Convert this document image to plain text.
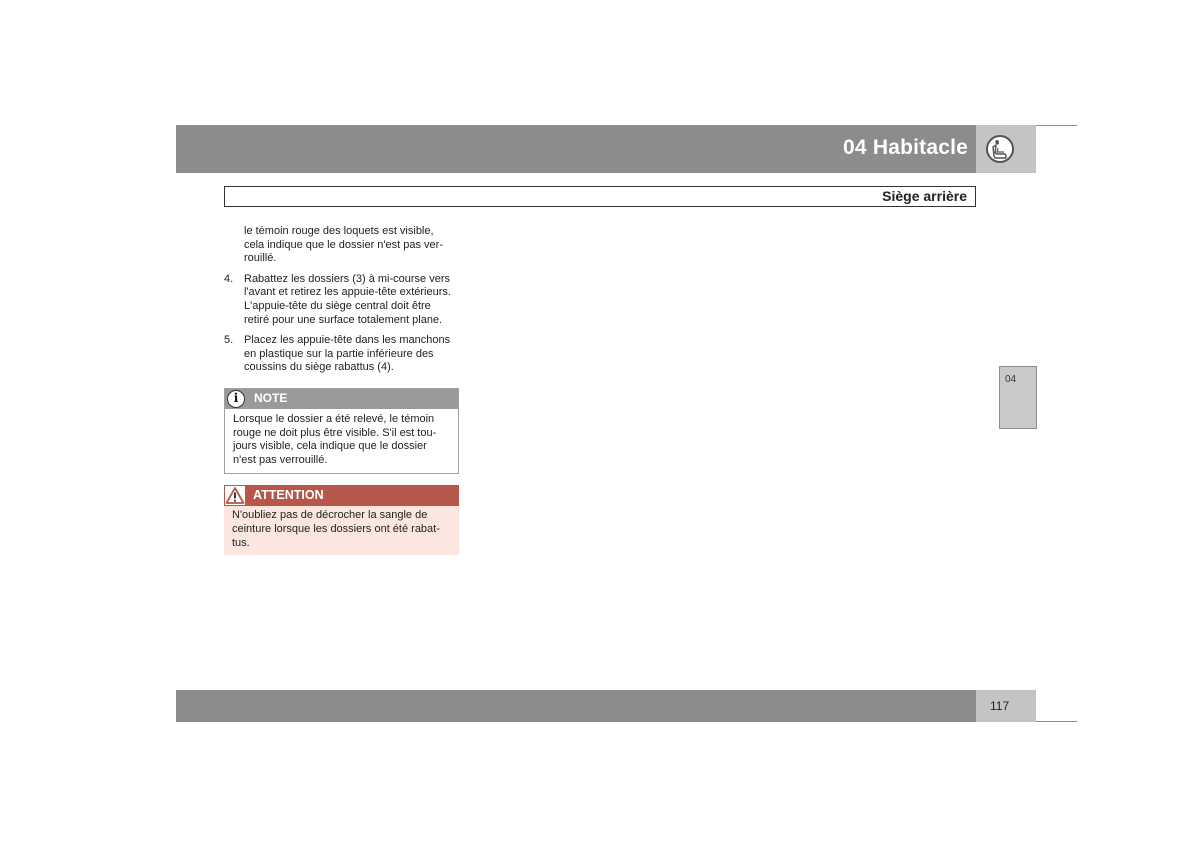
04 Habitacle
Siège arrière

le témoin rouge des loquets est visible,
cela indique que le dossier n'est pas ver-
rouillé.

4. Rabattez les dossiers (3) à mi-course vers
l'avant et retirez les appuie-tête extérieurs.
L'appuie-tête du siège central doit être
retiré pour une surface totalement plane.
5. Placez les appuie-tête dans les manchons
en plastique sur la partie inférieure des
coussins du siège rabattus (4).
i	NOTE
Lorsque le dossier a été relevé, le témoin
rouge ne doit plus être visible. S'il est tou-
jours visible, cela indique que le dossier
n'est pas verrouillé.
ATTENTION
N'oubliez pas de décrocher la sangle de
ceinture lorsque les dossiers ont été rabat-
tus.
04
117
